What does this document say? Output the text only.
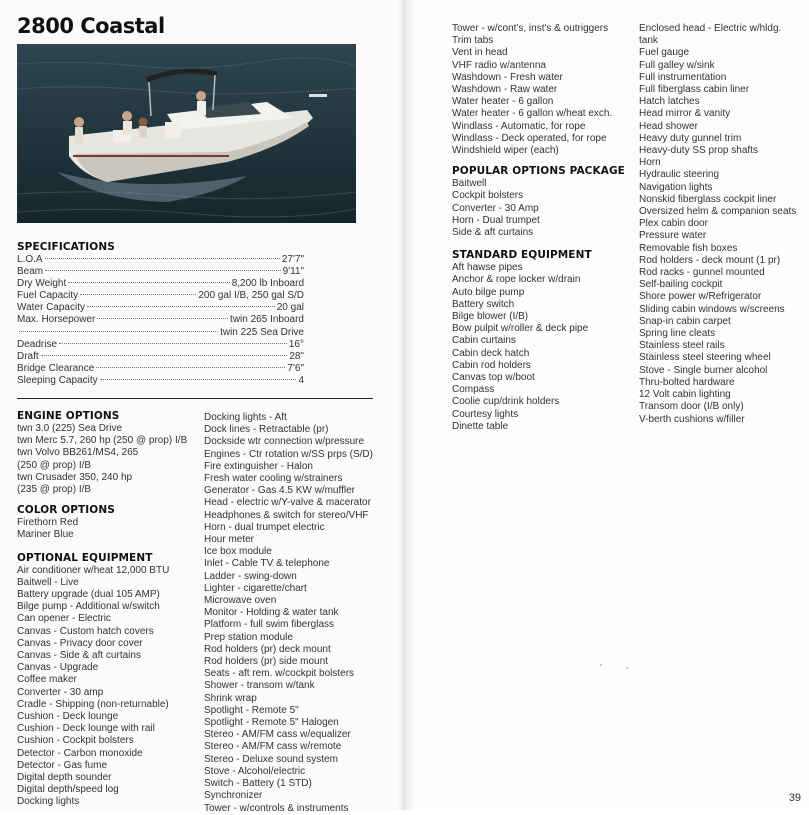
2800 Coastal
SPECIFICATIONS
L.O.A	27'7"
Beam	9'11"
Dry Weight	8,200 lb Inboard
Fuel Capacity	200 gal I/B, 250 gal S/D
Water Capacity	20 gal
Max. Horsepower	twin 265 Inboard
twin 225 Sea Drive
Deadrise	16°
Draft	28"
Bridge Clearance	7'6"
Sleeping Capacity	4
ENGINE OPTIONS
twn 3.0 (225) Sea Drive
twn Merc 5.7, 260 hp (250 @ prop) I/B
twn Volvo BB261/MS4, 265
(250 @ prop) I/B
twn Crusader 350, 240 hp
(235 @ prop) I/B
COLOR OPTIONS
Firethorn Red
Mariner Blue
OPTIONAL EQUIPMENT
Air conditioner w/heat 12,000 BTU
Baitwell - Live
Battery upgrade (dual 105 AMP)
Bilge pump - Additional w/switch
Can opener - Electric
Canvas - Custom hatch covers
Canvas - Privacy door cover
Canvas - Side & aft curtains
Canvas - Upgrade
Coffee maker
Converter - 30 amp
Cradle - Shipping (non-returnable)
Cushion - Deck lounge
Cushion - Deck lounge with rail
Cushion - Cockpit bolsters
Detector - Carbon monoxide
Detector - Gas fume
Digital depth sounder
Digital depth/speed log
Docking lights
Docking lights - Aft
Dock lines - Retractable (pr)
Dockside wtr connection w/pressure
Engines - Ctr rotation w/SS prps (S/D)
Fire extinguisher - Halon
Fresh water cooling w/strainers
Generator - Gas 4.5 KW w/muffler
Head - electric w/Y-valve & macerator
Headphones & switch for stereo/VHF
Horn - dual trumpet electric
Hour meter
Ice box module
Inlet - Cable TV & telephone
Ladder - swing-down
Lighter - cigarette/chart
Microwave oven
Monitor - Holding & water tank
Platform - full swim fiberglass
Prep station module
Rod holders (pr) deck mount
Rod holders (pr) side mount
Seats - aft rem. w/cockpit bolsters
Shower - transom w/tank
Shrink wrap
Spotlight - Remote 5"
Spotlight - Remote 5" Halogen
Stereo - AM/FM cass w/equalizer
Stereo - AM/FM cass w/remote
Stereo - Deluxe sound system
Stove - Alcohol/electric
Switch - Battery (1 STD)
Synchronizer
Tower - w/controls & instruments
Tower - w/cont's, inst's & outriggers
Trim tabs
Vent in head
VHF radio w/antenna
Washdown - Fresh water
Washdown - Raw water
Water heater - 6 gallon
Water heater - 6 gallon w/heat exch.
Windlass - Automatic, for rope
Windlass - Deck operated, for rope
Windshield wiper (each)
POPULAR OPTIONS PACKAGE
Baitwell
Cockpit bolsters
Converter - 30 Amp
Horn - Dual trumpet
Side & aft curtains
STANDARD EQUIPMENT
Aft hawse pipes
Anchor & rope locker w/drain
Auto bilge pump
Battery switch
Bilge blower (I/B)
Bow pulpit w/roller & deck pipe
Cabin curtains
Cabin deck hatch
Cabin rod holders
Canvas top w/boot
Compass
Coolie cup/drink holders
Courtesy lights
Dinette table
Enclosed head - Electric w/hldg.
tank
Fuel gauge
Full galley w/sink
Full instrumentation
Full fiberglass cabin liner
Hatch latches
Head mirror & vanity
Head shower
Heavy duty gunnel trim
Heavy-duty SS prop shafts
Horn
Hydraulic steering
Navigation lights
Nonskid fiberglass cockpit liner
Oversized helm & companion seats
Plex cabin door
Pressure water
Removable fish boxes
Rod holders - deck mount (1 pr)
Rod racks - gunnel mounted
Self-bailing cockpit
Shore power w/Refrigerator
Sliding cabin windows w/screens
Snap-in cabin carpet
Spring line cleats
Stainless steel rails
Stainless steel steering wheel
Stove - Single burner alcohol
Thru-bolted hardware
12 Volt cabin lighting
Transom door (I/B only)
V-berth cushions w/filler
39
